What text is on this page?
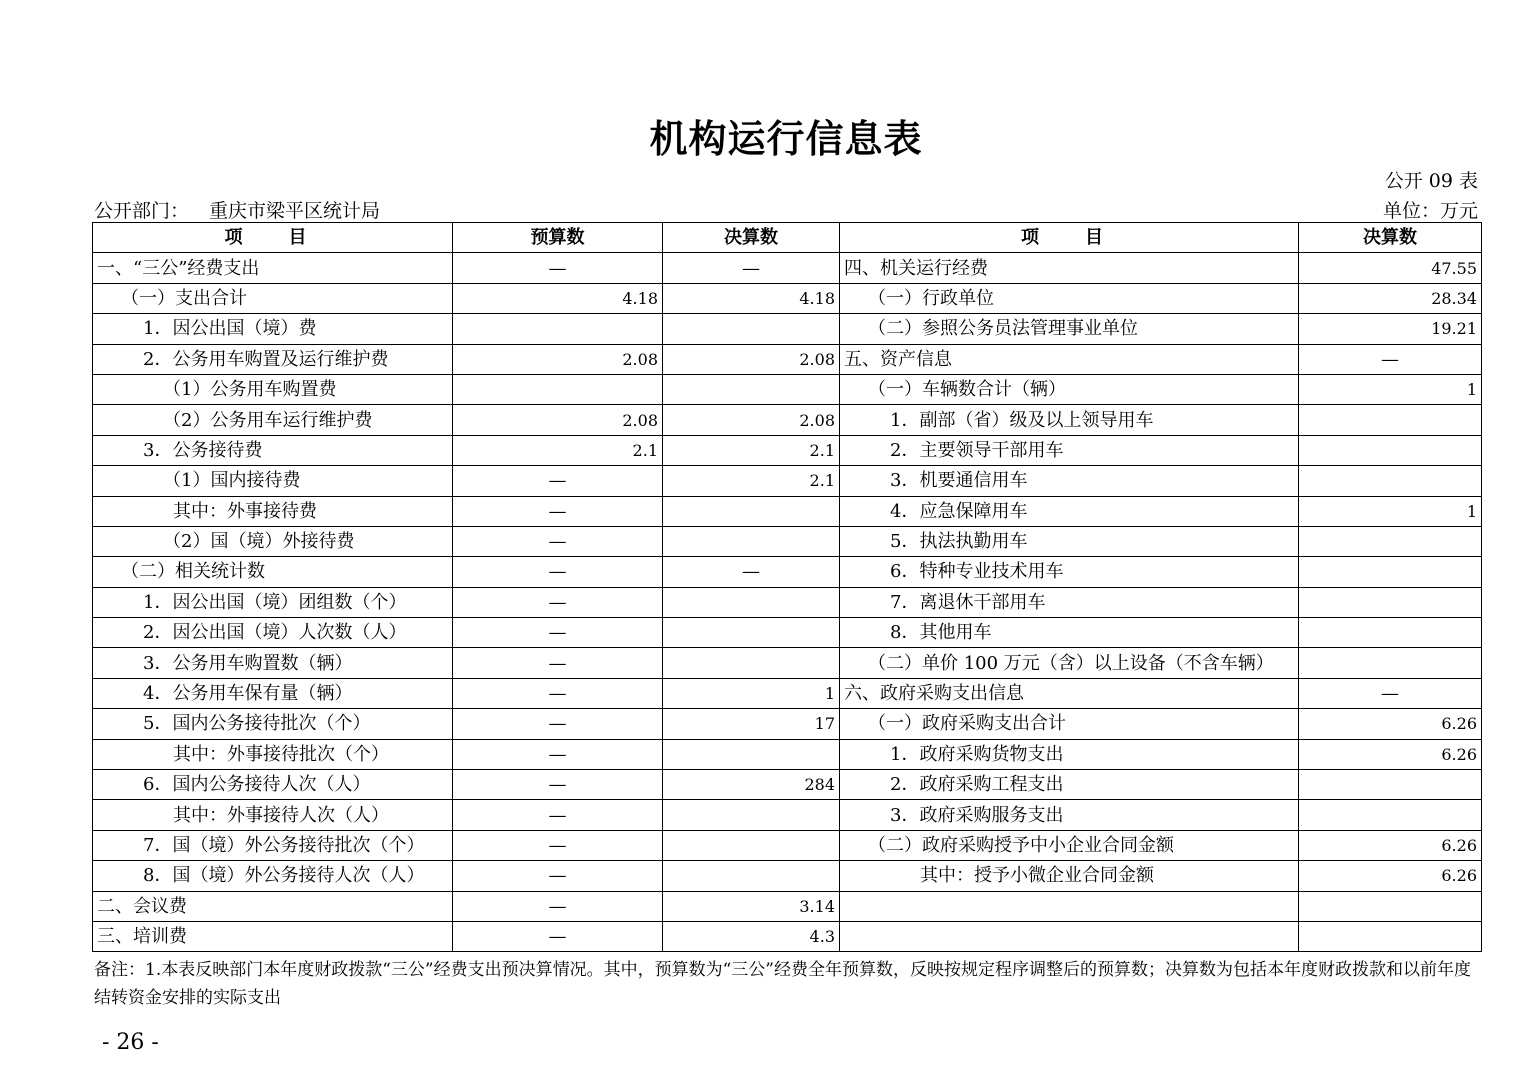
机构运行信息表
公开 09 表
公开部门： 重庆市梁平区统计局	单位：万元
项　目	预算数	决算数	项　目	决算数
一、“三公”经费支出	—	—	四、机关运行经费	47.55
（一）支出合计	4.18	4.18	（一）行政单位	28.34
1．因公出国（境）费			（二）参照公务员法管理事业单位	19.21
2．公务用车购置及运行维护费	2.08	2.08	五、资产信息	—
（1）公务用车购置费			（一）车辆数合计（辆）	1
（2）公务用车运行维护费	2.08	2.08	1．副部（省）级及以上领导用车	
3．公务接待费	2.1	2.1	2．主要领导干部用车	
（1）国内接待费	—	2.1	3．机要通信用车	
其中：外事接待费	—		4．应急保障用车	1
（2）国（境）外接待费	—		5．执法执勤用车	
（二）相关统计数	—	—	6．特种专业技术用车	
1．因公出国（境）团组数（个）	—		7．离退休干部用车	
2．因公出国（境）人次数（人）	—		8．其他用车	
3．公务用车购置数（辆）	—		（二）单价 100 万元（含）以上设备（不含车辆）	
4．公务用车保有量（辆）	—	1	六、政府采购支出信息	—
5．国内公务接待批次（个）	—	17	（一）政府采购支出合计	6.26
其中：外事接待批次（个）	—		1．政府采购货物支出	6.26
6．国内公务接待人次（人）	—	284	2．政府采购工程支出	
其中：外事接待人次（人）	—		3．政府采购服务支出	
7．国（境）外公务接待批次（个）	—		（二）政府采购授予中小企业合同金额	6.26
8．国（境）外公务接待人次（人）	—		其中：授予小微企业合同金额	6.26
二、会议费	—	3.14		
三、培训费	—	4.3		
备注：1.本表反映部门本年度财政拨款“三公”经费支出预决算情况。其中，预算数为“三公”经费全年预算数，反映按规定程序调整后的预算数；决算数为包括本年度财政拨款和以前年度结转资金安排的实际支出
- 26 -
